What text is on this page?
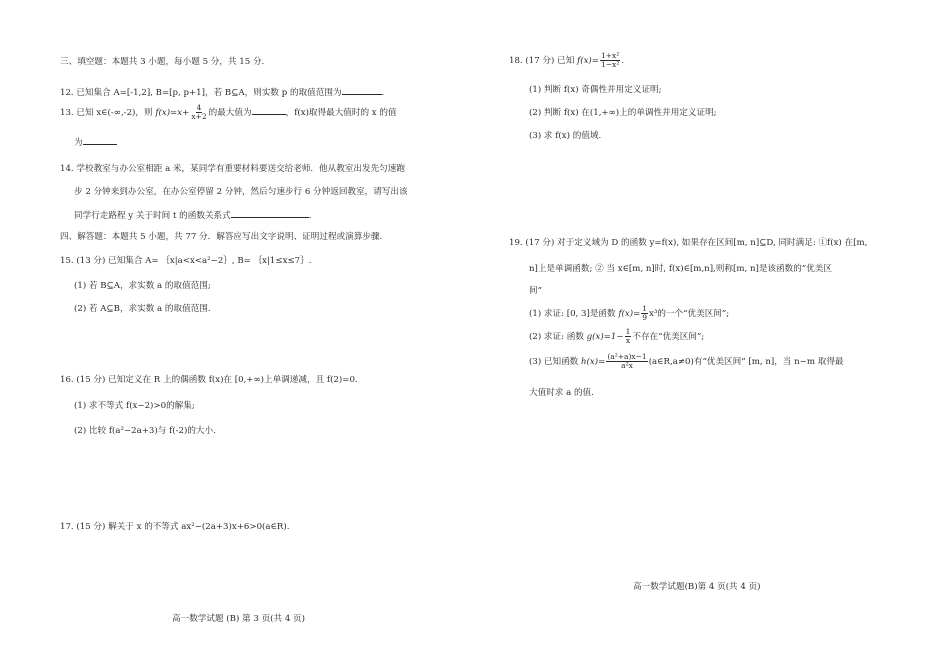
三、填空题：本题共 3 小题，每小题 5 分，共 15 分.
12. 已知集合 A=[-1,2], B=[p, p+1]，若 B⊆A，则实数 p 的取值范围为	.
13. 已知 x∈(-∞,-2)，则 $f(x)=x+ \frac{4}{x+2}$ 的最大值为	，f(x)取得最大值时的 x 的值
为
14. 学校教室与办公室相距 a 米，某同学有重要材料要送交给老师．他从教室出发先匀速跑
步 2 分钟来到办公室，在办公室停留 2 分钟，然后匀速步行 6 分钟返回教室，请写出该
同学行走路程 y 关于时间 t 的函数关系式	.
四、解答题：本题共 5 小题，共 77 分．解答应写出文字说明、证明过程或演算步骤.
15. (13 分) 已知集合 A= ｛x|a<x<a²−2｝, B= ｛x|1≤x≤7｝.
(1) 若 B⊆A，求实数 a 的取值范围;
(2) 若 A⊆B，求实数 a 的取值范围.
16. (15 分) 已知定义在 R 上的偶函数 f(x)在 [0,+∞)上单调递减，且 f(2)=0.
(1) 求不等式 f(x−2)>0的解集;
(2) 比较 f(a²−2a+3)与 f(-2)的大小.
17. (15 分) 解关于 x 的不等式 ax²−(2a+3)x+6>0(a∈R).
高一数学试题 (B) 第 3 页(共 4 页)
18. (17 分) 已知 $f(x)= \frac{\text{1+x²}}{\text{1−x²}}$ .
(1) 判断 f(x) 奇偶性并用定义证明;
(2) 判断 f(x) 在(1,+∞)上的单调性并用定义证明;
(3) 求 f(x) 的值域.
19. (17 分) 对于定义域为 D 的函数 y=f(x), 如果存在区间[m, n]⊆D, 同时满足: ①f(x) 在[m,
n]上是单调函数; ② 当 x∈[m, n]时, f(x)∈[m,n],则称[m, n]是该函数的“优美区
间”
(1) 求证: [0, 3]是函数 $f(x)= \frac{1}{9} x^3$的一个“优美区间”;
(2) 求证: 函数 $g(x)=1- \frac{1}{x}$ 不存在“优美区间”;
(3) 已知函数 $h(x)= \frac{\text{(a²+a)x−1}}{\text{a²x}}$ (a∈R,a≠0)有“优美区间” [m, n]，当 n−m 取得最
大值时求 a 的值.
高一数学试题(B)第 4 页(共 4 页)
